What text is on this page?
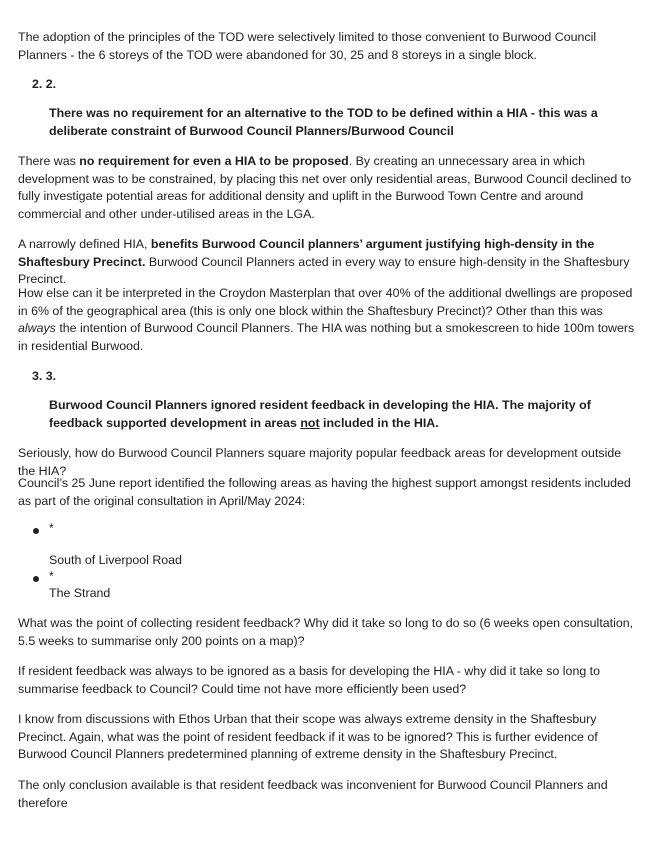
The adoption of the principles of the TOD were selectively limited to those convenient to Burwood Council Planners - the 6 storeys of the TOD were abandoned for 30, 25 and 8 storeys in a single block.

2. 2.

There was no requirement for an alternative to the TOD to be defined within a HIA - this was a deliberate constraint of Burwood Council Planners/Burwood Council

There was no requirement for even a HIA to be proposed. By creating an unnecessary area in which development was to be constrained, by placing this net over only residential areas, Burwood Council declined to fully investigate potential areas for additional density and uplift in the Burwood Town Centre and around commercial and other under-utilised areas in the LGA.

A narrowly defined HIA, benefits Burwood Council planners’ argument justifying high-density in the Shaftesbury Precinct. Burwood Council Planners acted in every way to ensure high-density in the Shaftesbury Precinct.

How else can it be interpreted in the Croydon Masterplan that over 40% of the additional dwellings are proposed in 6% of the geographical area (this is only one block within the Shaftesbury Precinct)? Other than this was always the intention of Burwood Council Planners. The HIA was nothing but a smokescreen to hide 100m towers in residential Burwood.

3. 3.

Burwood Council Planners ignored resident feedback in developing the HIA. The majority of feedback supported development in areas not included in the HIA.

Seriously, how do Burwood Council Planners square majority popular feedback areas for development outside the HIA?

Council’s 25 June report identified the following areas as having the highest support amongst residents included as part of the original consultation in April/May 2024:

*

South of Liverpool Road

*

The Strand

What was the point of collecting resident feedback? Why did it take so long to do so (6 weeks open consultation, 5.5 weeks to summarise only 200 points on a map)?

If resident feedback was always to be ignored as a basis for developing the HIA - why did it take so long to summarise feedback to Council? Could time not have more efficiently been used?

I know from discussions with Ethos Urban that their scope was always extreme density in the Shaftesbury Precinct. Again, what was the point of resident feedback if it was to be ignored? This is further evidence of Burwood Council Planners predetermined planning of extreme density in the Shaftesbury Precinct.

The only conclusion available is that resident feedback was inconvenient for Burwood Council Planners and therefore
